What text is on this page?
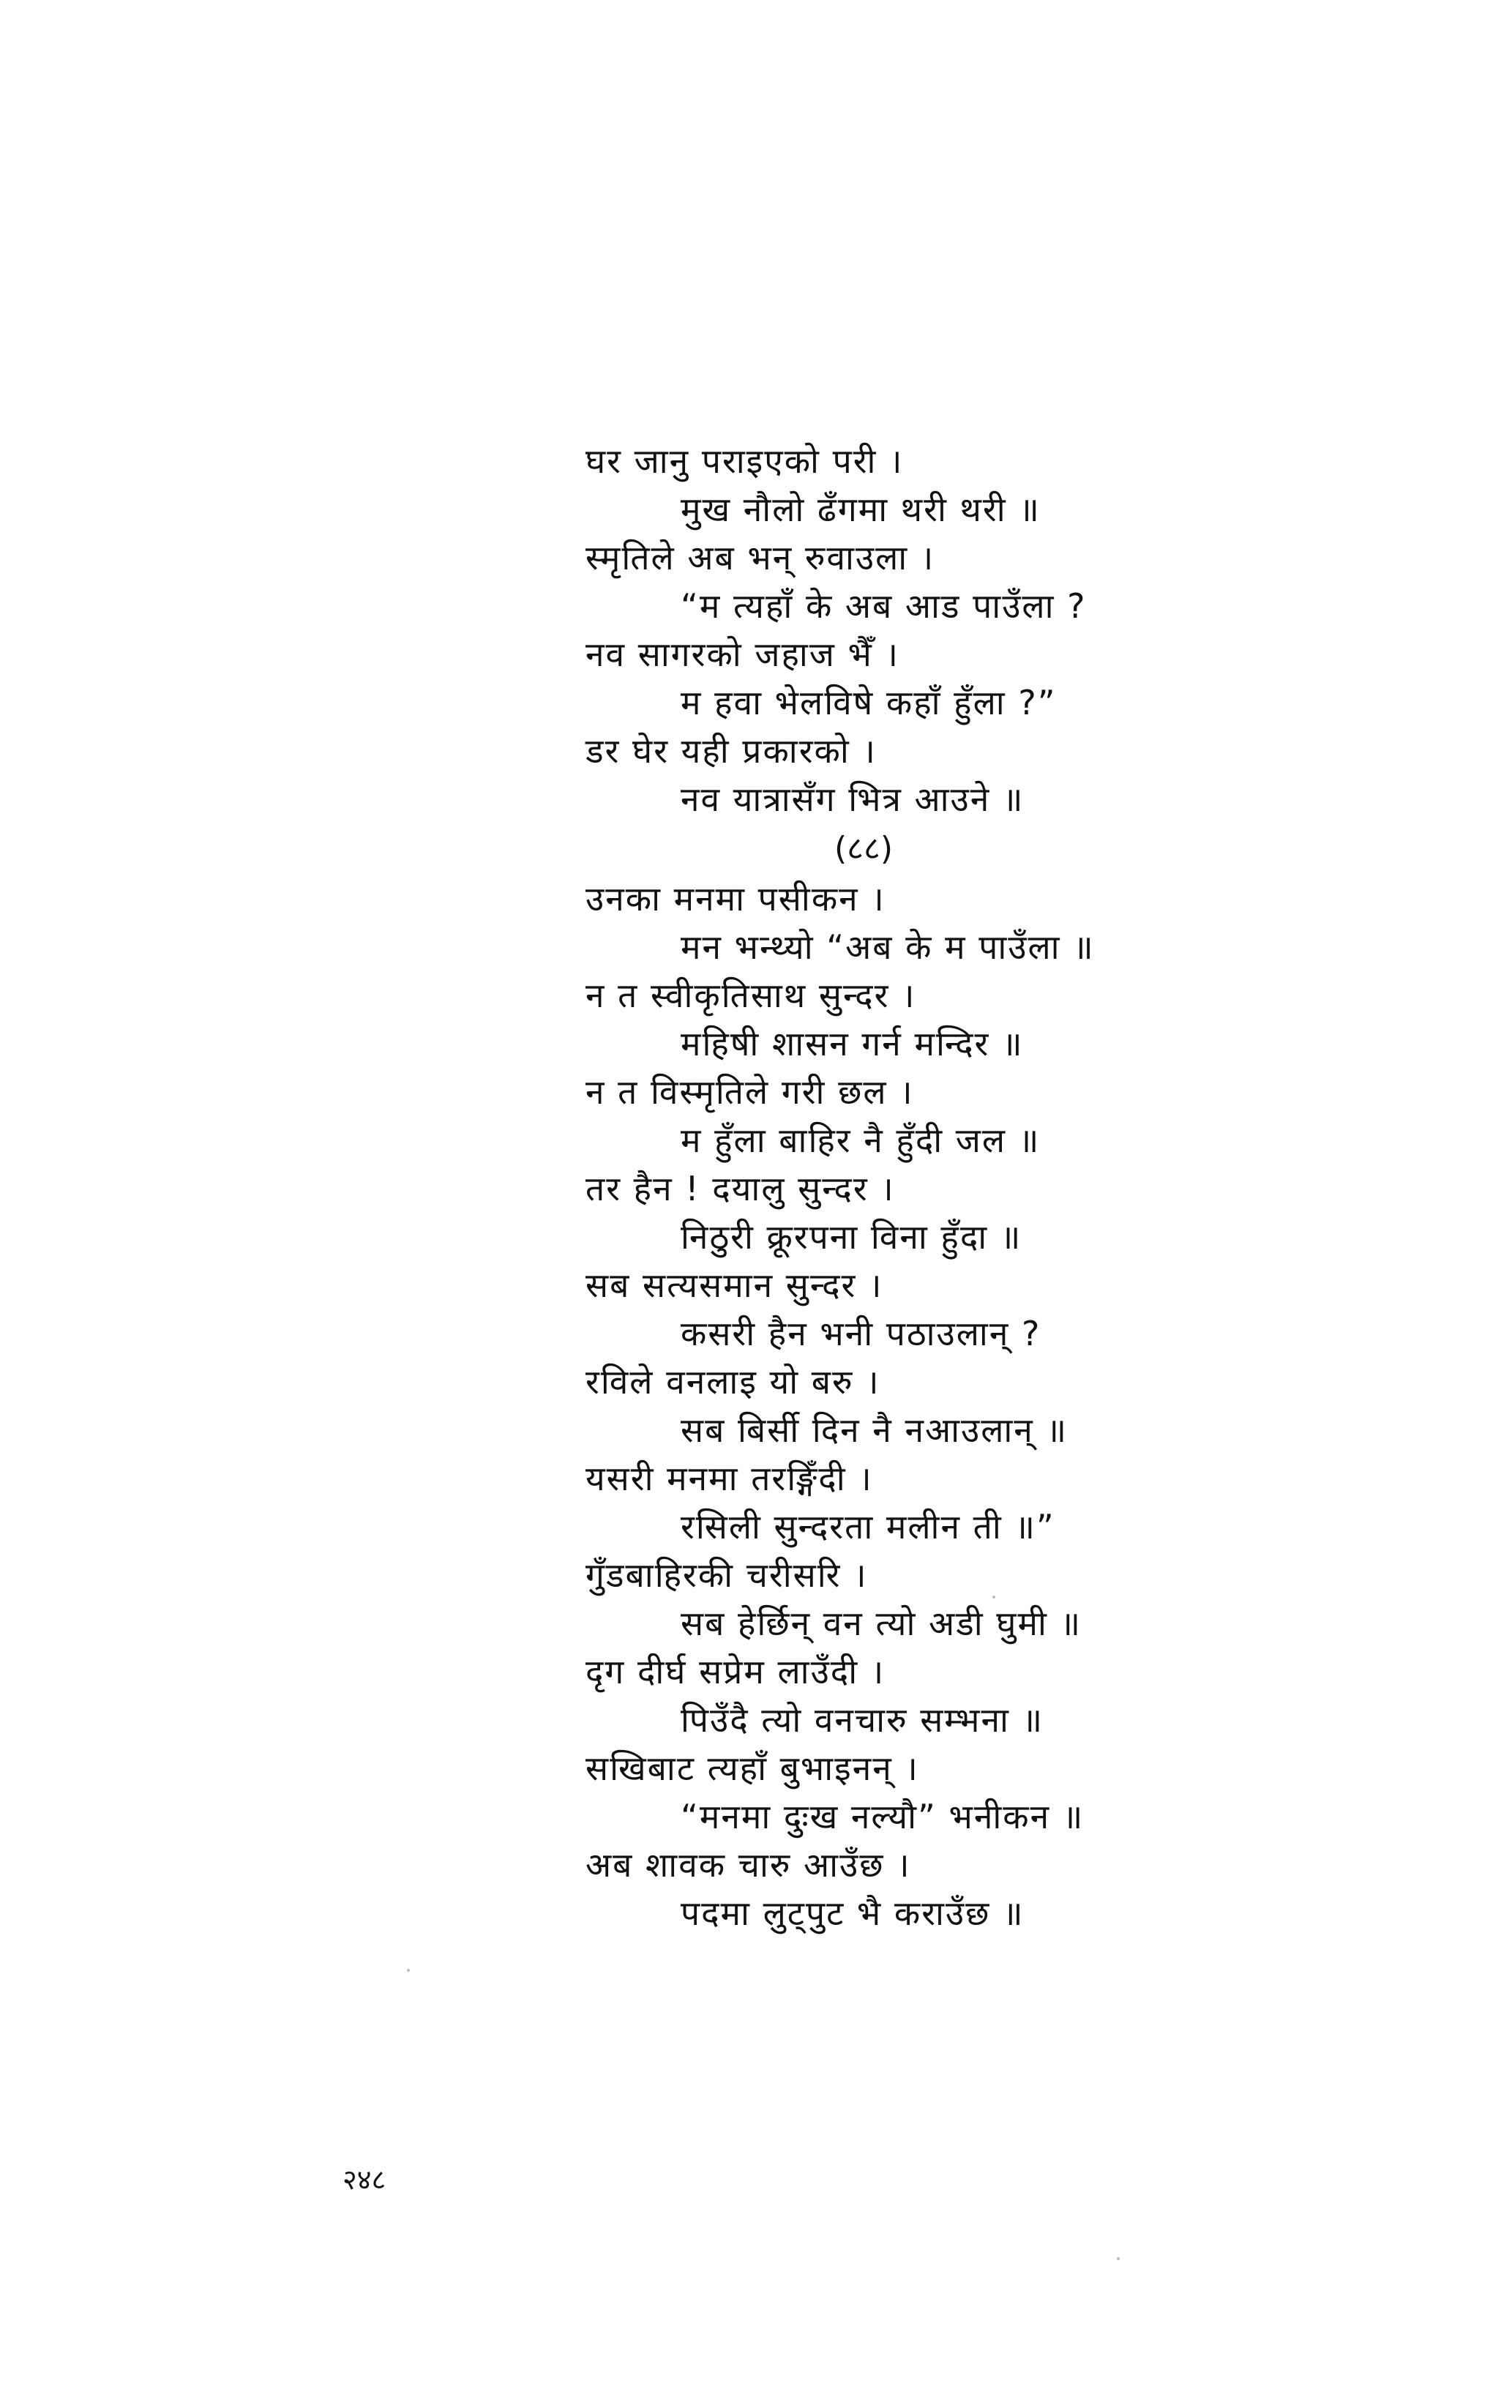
घर जानु पराइएको परी ।
मुख नौलो ढँगमा थरी थरी ॥
स्मृतिले अब भन् रुवाउला ।
“म त्यहाँ के अब आड पाउँला ?
नव सागरको जहाज भैँ ।
म हवा भेलविषे कहाँ हुँला ?”
डर घेर यही प्रकारको ।
नव यात्रासँग भित्र आउने ॥
(८८)
उनका मनमा पसीकन ।
मन भन्थ्यो “अब के म पाउँला ॥
न त स्वीकृतिसाथ सुन्दर ।
महिषी शासन गर्न मन्दिर ॥
न त विस्मृतिले गरी छल ।
म हुँला बाहिर नै हुँदी जल ॥
तर हैन ! दयालु सुन्दर ।
निठुरी क्रूरपना विना हुँदा ॥
सब सत्यसमान सुन्दर ।
कसरी हैन भनी पठाउलान् ?
रविले वनलाइ यो बरु ।
सब बिर्सी दिन नै नआउलान् ॥
यसरी मनमा तरङ्गिँदी ।
रसिली सुन्दरता मलीन ती ॥”
गुँडबाहिरकी चरीसरि ।
सब हेर्छिन् वन त्यो अडी घुमी ॥
दृग दीर्घ सप्रेम लाउँदी ।
पिउँदै त्यो वनचारु सम्भना ॥
सखिबाट त्यहाँ बुभाइनन् ।
“मनमा दुःख नल्यौ” भनीकन ॥
अब शावक चारु आउँछ ।
पदमा लुट्पुट भै कराउँछ ॥
२४८
